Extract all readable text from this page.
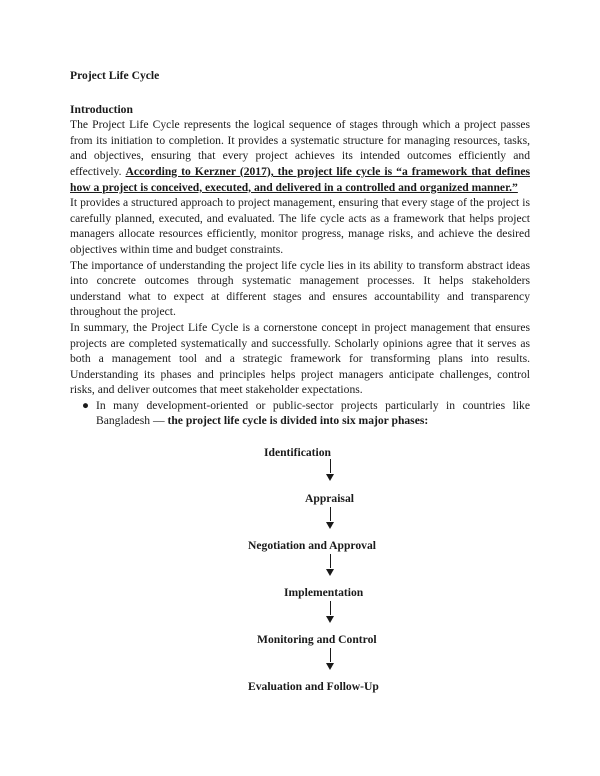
Project Life Cycle

Introduction

The Project Life Cycle represents the logical sequence of stages through which a project passes from its initiation to completion. It provides a systematic structure for managing resources, tasks, and objectives, ensuring that every project achieves its intended outcomes efficiently and effectively. According to Kerzner (2017), the project life cycle is “a framework that defines how a project is conceived, executed, and delivered in a controlled and organized manner.”

It provides a structured approach to project management, ensuring that every stage of the project is carefully planned, executed, and evaluated. The life cycle acts as a framework that helps project managers allocate resources efficiently, monitor progress, manage risks, and achieve the desired objectives within time and budget constraints.

The importance of understanding the project life cycle lies in its ability to transform abstract ideas into concrete outcomes through systematic management processes. It helps stakeholders understand what to expect at different stages and ensures accountability and transparency throughout the project.

In summary, the Project Life Cycle is a cornerstone concept in project management that ensures projects are completed systematically and successfully. Scholarly opinions agree that it serves as both a management tool and a strategic framework for transforming plans into results. Understanding its phases and principles helps project managers anticipate challenges, control risks, and deliver outcomes that meet stakeholder expectations.

● In many development-oriented or public-sector projects particularly in countries like Bangladesh — the project life cycle is divided into six major phases:
Identification
Appraisal
Negotiation and Approval
Implementation
Monitoring and Control
Evaluation and Follow-Up
